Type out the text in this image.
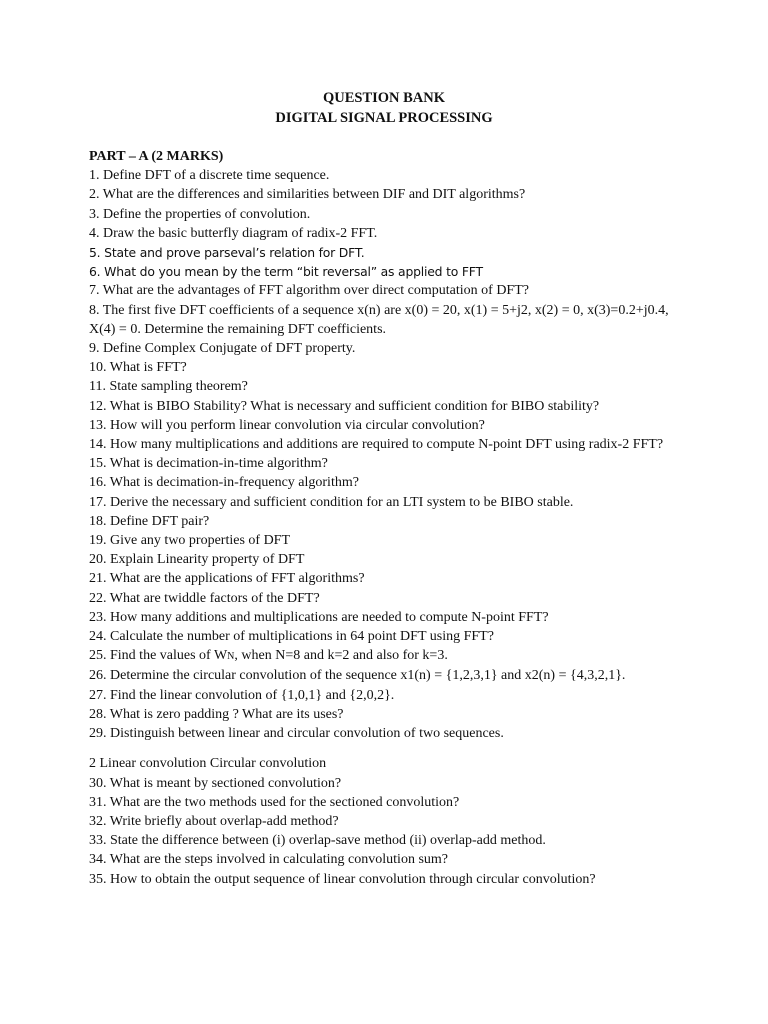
QUESTION BANK

DIGITAL SIGNAL PROCESSING

PART – A (2 MARKS)

1. Define DFT of a discrete time sequence.

2. What are the differences and similarities between DIF and DIT algorithms?

3. Define the properties of convolution.

4. Draw the basic butterfly diagram of radix-2 FFT.

5. State and prove parseval’s relation for DFT.

6. What do you mean by the term “bit reversal” as applied to FFT

7. What are the advantages of FFT algorithm over direct computation of DFT?

8. The first five DFT coefficients of a sequence x(n) are x(0) = 20, x(1) = 5+j2, x(2) = 0, x(3)=0.2+j0.4, X(4) = 0. Determine the remaining DFT coefficients.

9. Define Complex Conjugate of DFT property.

10. What is FFT?

11. State sampling theorem?

12. What is BIBO Stability? What is necessary and sufficient condition for BIBO stability?

13. How will you perform linear convolution via circular convolution?

14. How many multiplications and additions are required to compute N-point DFT using radix-2 FFT?

15. What is decimation-in-time algorithm?

16. What is decimation-in-frequency algorithm?

17. Derive the necessary and sufficient condition for an LTI system to be BIBO stable.

18. Define DFT pair?

19. Give any two properties of DFT

20. Explain Linearity property of DFT

21. What are the applications of FFT algorithms?

22. What are twiddle factors of the DFT?

23. How many additions and multiplications are needed to compute N-point FFT?

24. Calculate the number of multiplications in 64 point DFT using FFT?

25. Find the values of WN, when N=8 and k=2 and also for k=3.

26. Determine the circular convolution of the sequence x1(n) = {1,2,3,1} and x2(n) = {4,3,2,1}.

27. Find the linear convolution of {1,0,1} and {2,0,2}.

28. What is zero padding ? What are its uses?

29. Distinguish between linear and circular convolution of two sequences.

2 Linear convolution Circular convolution

30. What is meant by sectioned convolution?

31. What are the two methods used for the sectioned convolution?

32. Write briefly about overlap-add method?

33. State the difference between (i) overlap-save method (ii) overlap-add method.

34. What are the steps involved in calculating convolution sum?

35. How to obtain the output sequence of linear convolution through circular convolution?
